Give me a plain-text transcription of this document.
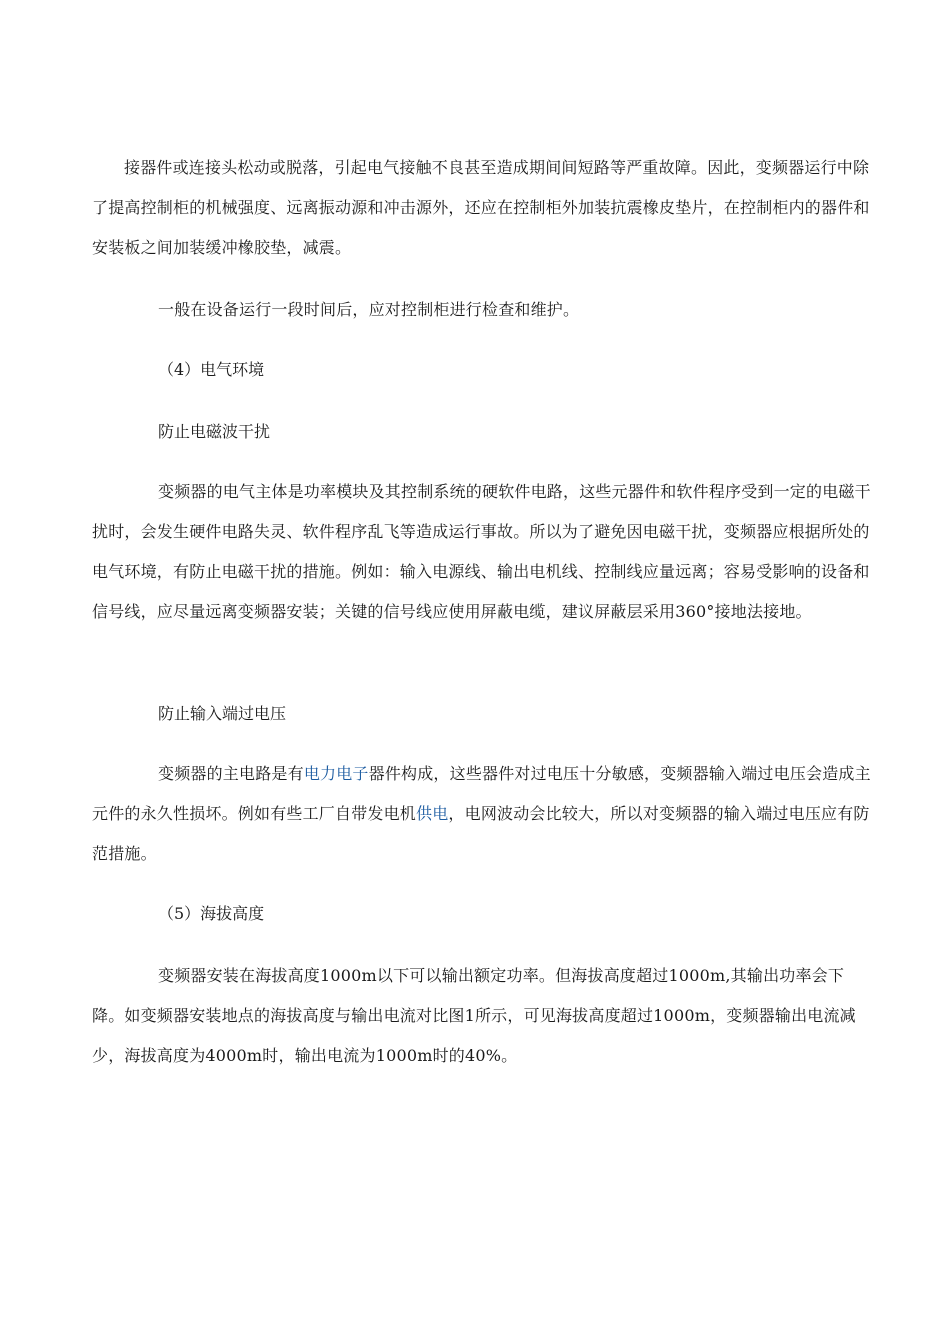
接器件或连接头松动或脱落，引起电气接触不良甚至造成期间间短路等严重故障。因此，变频器运行中除了提高控制柜的机械强度、远离振动源和冲击源外，还应在控制柜外加装抗震橡皮垫片，在控制柜内的器件和安装板之间加装缓冲橡胶垫，减震。
一般在设备运行一段时间后，应对控制柜进行检查和维护。
（4）电气环境
防止电磁波干扰
变频器的电气主体是功率模块及其控制系统的硬软件电路，这些元器件和软件程序受到一定的电磁干扰时，会发生硬件电路失灵、软件程序乱飞等造成运行事故。所以为了避免因电磁干扰，变频器应根据所处的电气环境，有防止电磁干扰的措施。例如：输入电源线、输出电机线、控制线应量远离；容易受影响的设备和信号线，应尽量远离变频器安装；关键的信号线应使用屏蔽电缆，建议屏蔽层采用360°接地法接地。
防止输入端过电压
变频器的主电路是有电力电子器件构成，这些器件对过电压十分敏感，变频器输入端过电压会造成主元件的永久性损坏。例如有些工厂自带发电机供电，电网波动会比较大，所以对变频器的输入端过电压应有防范措施。
（5）海拔高度
变频器安装在海拔高度1000m以下可以输出额定功率。但海拔高度超过1000m,其输出功率会下降。如变频器安装地点的海拔高度与输出电流对比图1所示，可见海拔高度超过1000m，变频器输出电流减少，海拔高度为4000m时，输出电流为1000m时的40%。
